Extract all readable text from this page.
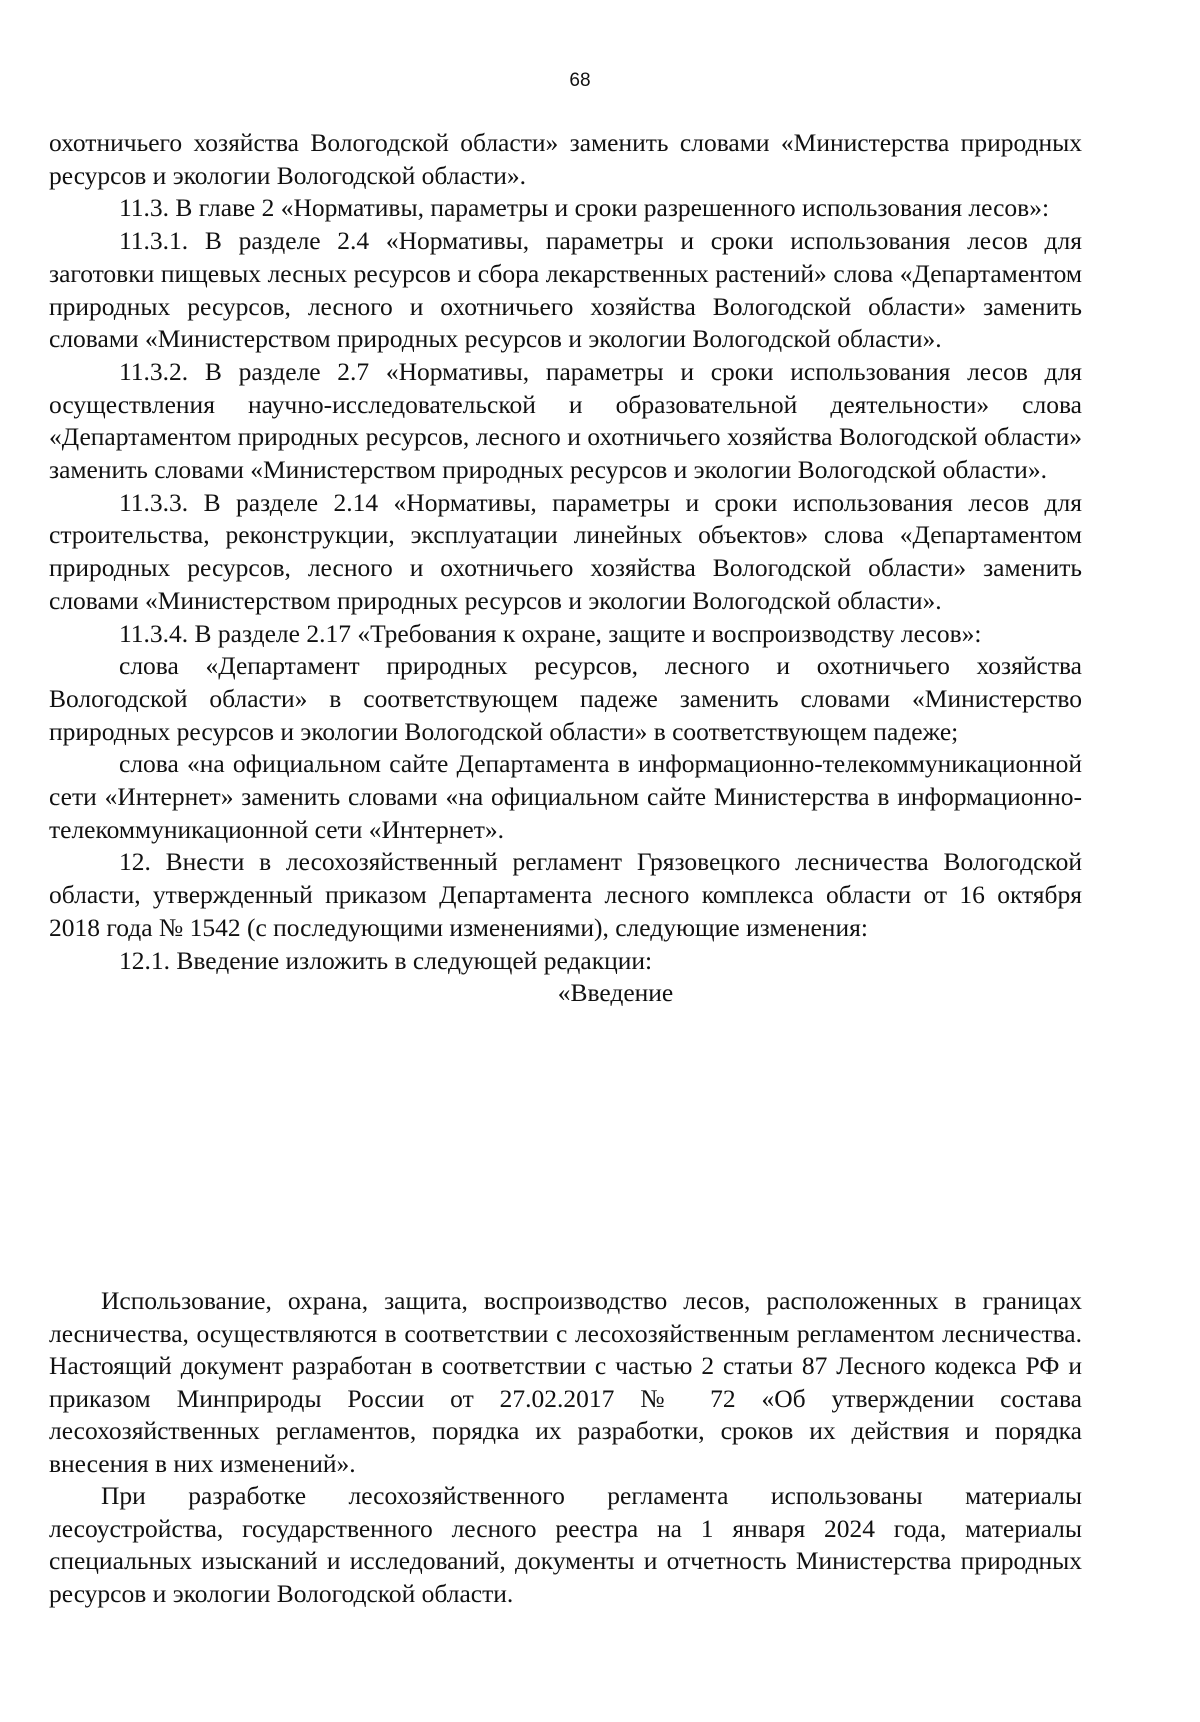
68

охотничьего хозяйства Вологодской области» заменить словами «Министерства природных ресурсов и экологии Вологодской области».

11.3. В главе 2 «Нормативы, параметры и сроки разрешенного использования лесов»:

11.3.1. В разделе 2.4 «Нормативы, параметры и сроки использования лесов для заготовки пищевых лесных ресурсов и сбора лекарственных растений» слова «Департаментом природных ресурсов, лесного и охотничьего хозяйства Вологодской области» заменить словами «Министерством природных ресурсов и экологии Вологодской области».

11.3.2. В разделе 2.7 «Нормативы, параметры и сроки использования лесов для осуществления научно-исследовательской и образовательной деятельности» слова «Департаментом природных ресурсов, лесного и охотничьего хозяйства Вологодской области» заменить словами «Министерством природных ресурсов и экологии Вологодской области».

11.3.3. В разделе 2.14 «Нормативы, параметры и сроки использования лесов для строительства, реконструкции, эксплуатации линейных объектов» слова «Департаментом природных ресурсов, лесного и охотничьего хозяйства Вологодской области» заменить словами «Министерством природных ресурсов и экологии Вологодской области».

11.3.4. В разделе 2.17 «Требования к охране, защите и воспроизводству лесов»:

слова «Департамент природных ресурсов, лесного и охотничьего хозяйства Вологодской области» в соответствующем падеже заменить словами «Министерство природных ресурсов и экологии Вологодской области» в соответствующем падеже;

слова «на официальном сайте Департамента в информационно-телекоммуникационной сети «Интернет» заменить словами «на официальном сайте Министерства в информационно-телекоммуникационной сети «Интернет».

12. Внести в лесохозяйственный регламент Грязовецкого лесничества Вологодской области, утвержденный приказом Департамента лесного комплекса области от 16 октября 2018 года № 1542 (с последующими изменениями), следующие изменения:

12.1. Введение изложить в следующей редакции:

«Введение

Использование, охрана, защита, воспроизводство лесов, расположенных в границах лесничества, осуществляются в соответствии с лесохозяйственным регламентом лесничества. Настоящий документ разработан в соответствии с частью 2 статьи 87 Лесного кодекса РФ и приказом Минприроды России от 27.02.2017 № 72 «Об утверждении состава лесохозяйственных регламентов, порядка их разработки, сроков их действия и порядка внесения в них изменений».

При разработке лесохозяйственного регламента использованы материалы лесоустройства, государственного лесного реестра на 1 января 2024 года, материалы специальных изысканий и исследований, документы и отчетность Министерства природных ресурсов и экологии Вологодской области.
